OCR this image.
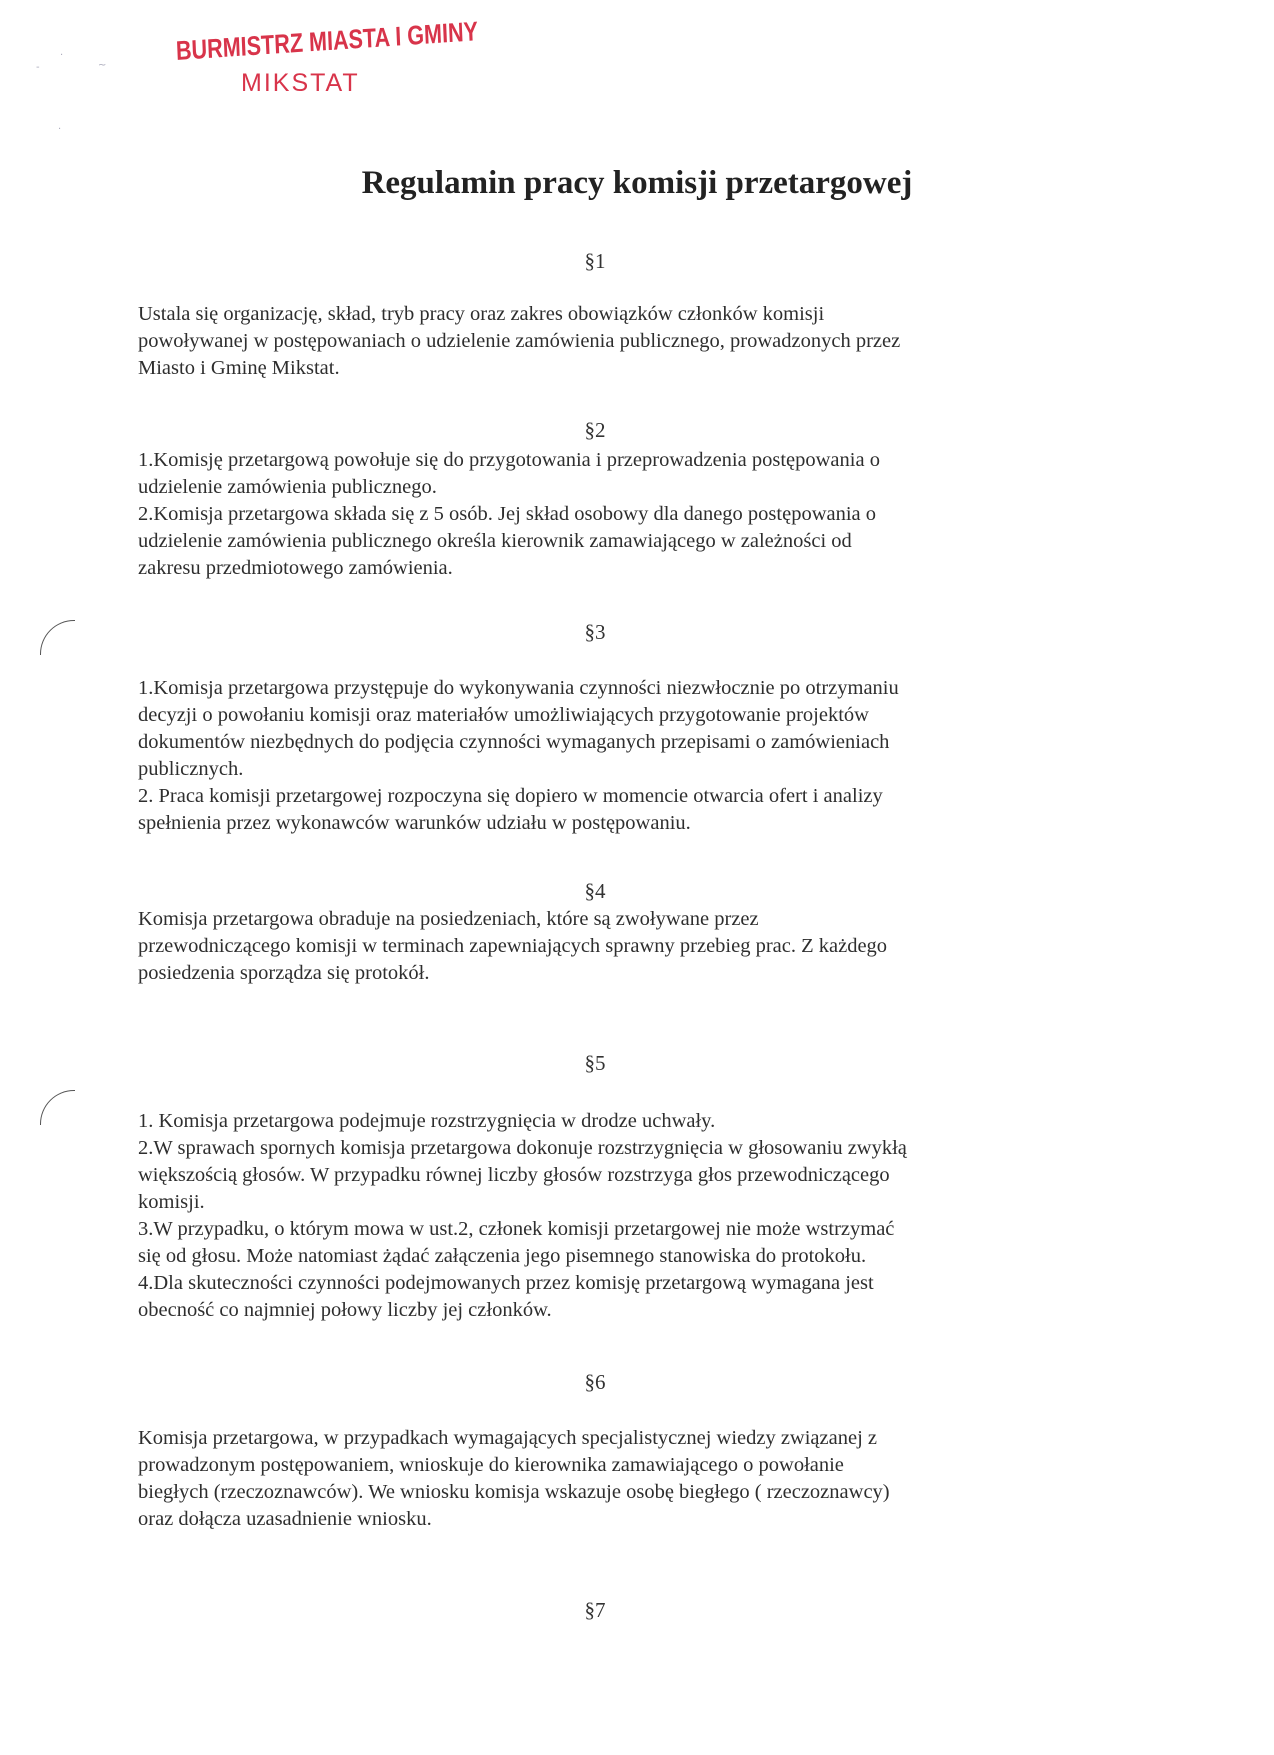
BURMISTRZ MIASTA I GMINY
MIKSTAT
·
-	~
·
Regulamin pracy komisji przetargowej
§1
Ustala się organizację, skład, tryb pracy oraz zakres obowiązków członków komisji
powoływanej w postępowaniach o udzielenie zamówienia publicznego, prowadzonych przez
Miasto i Gminę Mikstat.
§2
1.Komisję przetargową powołuje się do przygotowania i przeprowadzenia postępowania o
udzielenie zamówienia publicznego.
2.Komisja przetargowa składa się z 5 osób. Jej skład osobowy dla danego postępowania o
udzielenie zamówienia publicznego określa kierownik zamawiającego w zależności od
zakresu przedmiotowego zamówienia.
§3
1.Komisja przetargowa przystępuje do wykonywania czynności niezwłocznie po otrzymaniu
decyzji o powołaniu komisji oraz materiałów umożliwiających przygotowanie projektów
dokumentów niezbędnych do podjęcia czynności wymaganych przepisami o zamówieniach
publicznych.
2. Praca komisji przetargowej rozpoczyna się dopiero w momencie otwarcia ofert i analizy
spełnienia przez wykonawców warunków udziału w postępowaniu.
§4
Komisja przetargowa obraduje na posiedzeniach, które są zwoływane przez
przewodniczącego komisji w terminach zapewniających sprawny przebieg prac. Z każdego
posiedzenia sporządza się protokół.
§5
1. Komisja przetargowa podejmuje rozstrzygnięcia w drodze uchwały.
2.W sprawach spornych komisja przetargowa dokonuje rozstrzygnięcia w głosowaniu zwykłą
większością głosów. W przypadku równej liczby głosów rozstrzyga głos przewodniczącego
komisji.
3.W przypadku, o którym mowa w ust.2, członek komisji przetargowej nie może wstrzymać
się od głosu. Może natomiast żądać załączenia jego pisemnego stanowiska do protokołu.
4.Dla skuteczności czynności podejmowanych przez komisję przetargową wymagana jest
obecność co najmniej połowy liczby jej członków.
§6
Komisja przetargowa, w przypadkach wymagających specjalistycznej wiedzy związanej z
prowadzonym postępowaniem, wnioskuje do kierownika zamawiającego o powołanie
biegłych (rzeczoznawców). We wniosku komisja wskazuje osobę biegłego ( rzeczoznawcy)
oraz dołącza uzasadnienie wniosku.
§7
